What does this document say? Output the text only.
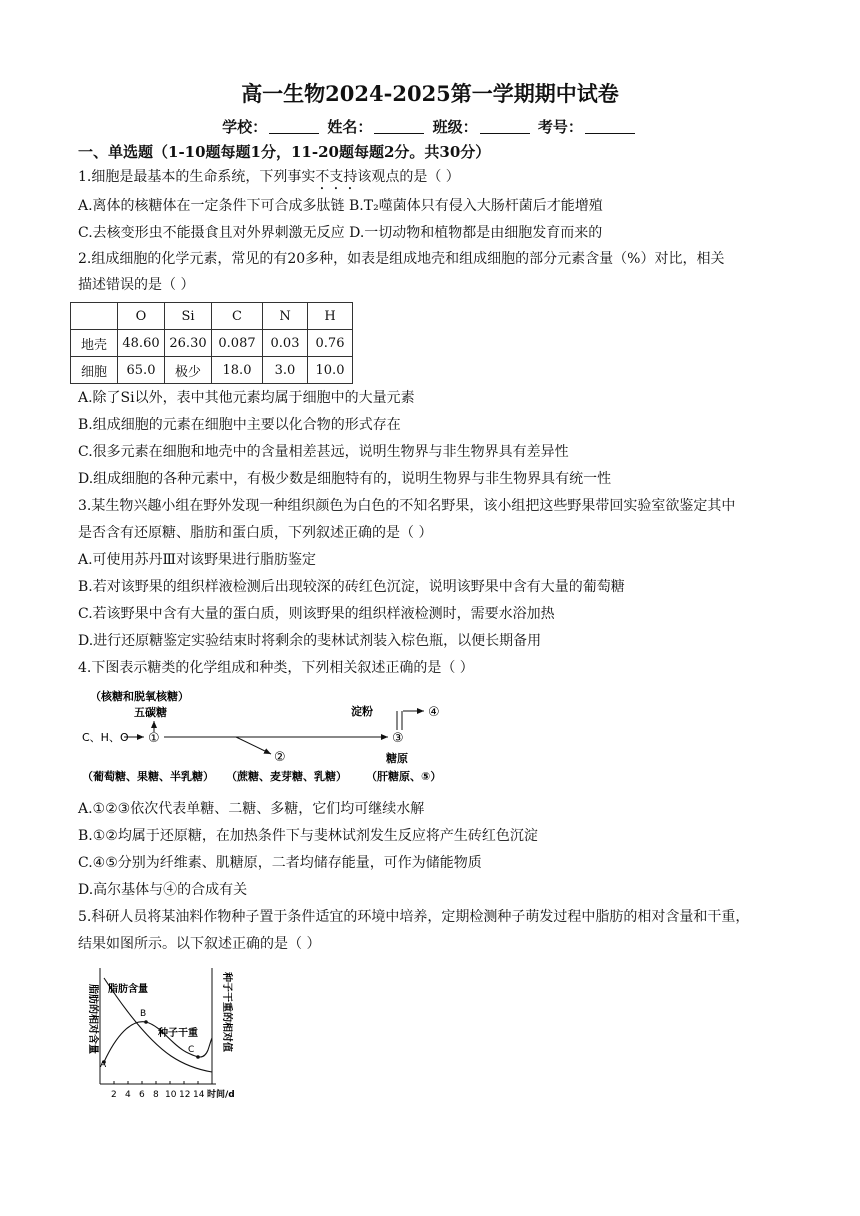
高一生物2024-2025第一学期期中试卷
学校：	姓名：	班级：	考号：
一、单选题（1-10题每题1分，11-20题每题2分。共30分）
1.细胞是最基本的生命系统，下列事实不支持该观点的是（ ）
A.离体的核糖体在一定条件下可合成多肽链 B.T₂噬菌体只有侵入大肠杆菌后才能增殖
C.去核变形虫不能摄食且对外界刺激无反应 D.一切动物和植物都是由细胞发育而来的
2.组成细胞的化学元素，常见的有20多种，如表是组成地壳和组成细胞的部分元素含量（%）对比，相关
描述错误的是（ ）
	O	Si	C	N	H
地壳	48.60	26.30	0.087	0.03	0.76
细胞	65.0	极少	18.0	3.0	10.0
A.除了Si以外，表中其他元素均属于细胞中的大量元素
B.组成细胞的元素在细胞中主要以化合物的形式存在
C.很多元素在细胞和地壳中的含量相差甚远，说明生物界与非生物界具有差异性
D.组成细胞的各种元素中，有极少数是细胞特有的，说明生物界与非生物界具有统一性
3.某生物兴趣小组在野外发现一种组织颜色为白色的不知名野果，该小组把这些野果带回实验室欲鉴定其中
是否含有还原糖、脂肪和蛋白质，下列叙述正确的是（ ）
A.可使用苏丹Ⅲ对该野果进行脂肪鉴定
B.若对该野果的组织样液检测后出现较深的砖红色沉淀，说明该野果中含有大量的葡萄糖
C.若该野果中含有大量的蛋白质，则该野果的组织样液检测时，需要水浴加热
D.进行还原糖鉴定实验结束时将剩余的斐林试剂装入棕色瓶，以便长期备用
4.下图表示糖类的化学组成和种类，下列相关叙述正确的是（ ）
（核糖和脱氧核糖）
五碳糖
C、H、O ①
②
③
淀粉	④
糖原
（葡萄糖、果糖、半乳糖） （蔗糖、麦芽糖、乳糖） （肝糖原、⑤）
A.①②③依次代表单糖、二糖、多糖，它们均可继续水解
B.①②均属于还原糖，在加热条件下与斐林试剂发生反应将产生砖红色沉淀
C.④⑤分别为纤维素、肌糖原，二者均储存能量，可作为储能物质
D.高尔基体与④的合成有关
5.科研人员将某油料作物种子置于条件适宜的环境中培养，定期检测种子萌发过程中脂肪的相对含量和干重，
结果如图所示。以下叙述正确的是（ ）
脂肪的相对含量	种子干重的相对值
A
B
C
脂肪含量
种子干重
2 4 6 8 10 12 14 时间/d
